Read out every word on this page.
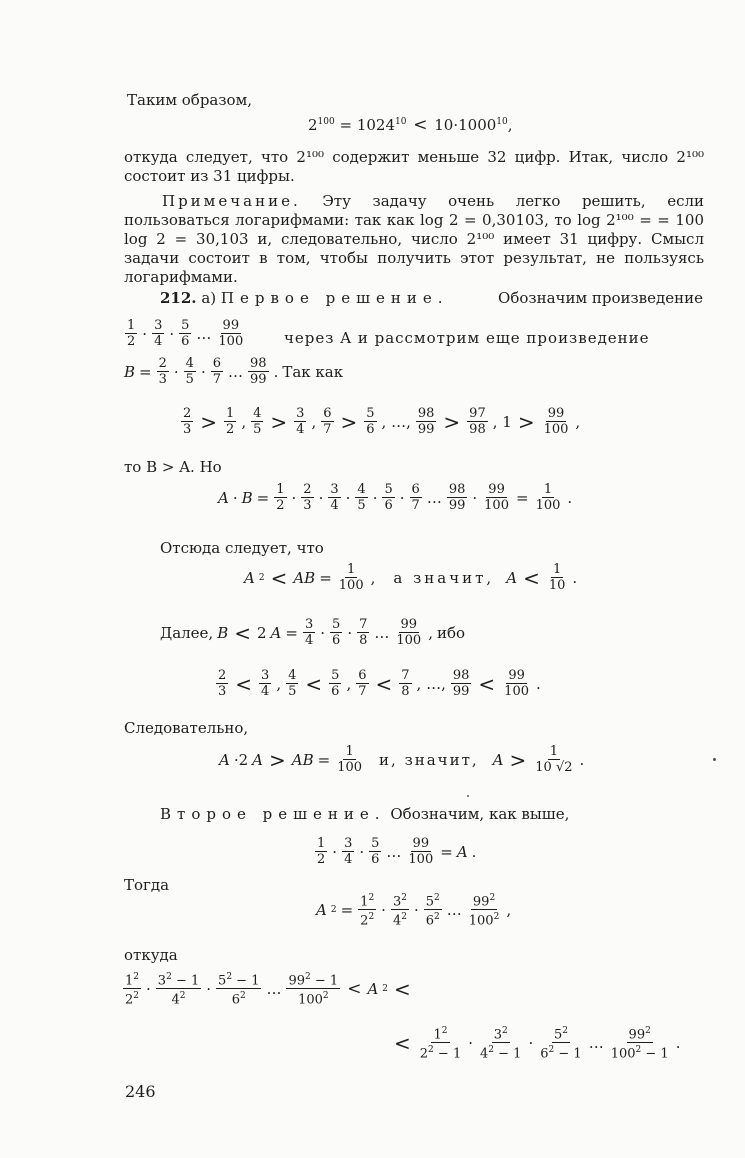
Таким образом,
$2^{100} = 1024^{10} < 10\cdot 1000^{10}$,
откуда следует, что 2¹⁰⁰ содержит меньше 32 цифр. Итак, число 2¹⁰⁰ состоит из 31 цифры.
Примечание. Эту задачу очень легко решить, если пользоваться логарифмами: так как log 2 = 0,30103, то log 2¹⁰⁰ = = 100 log 2 = 30,103 и, следовательно, число 2¹⁰⁰ имеет 31 цифру. Смысл задачи состоит в том, чтобы получить этот результат, не пользуясь логарифмами.
212. а) Первое решение.	Обозначим произведение
$\frac{1}{2} \cdot \frac{3}{4} \cdot \frac{5}{6}$ … $\frac{99}{100}$	через A и рассмотрим еще произведение
$B = \frac{2}{3} \cdot \frac{4}{5} \cdot \frac{6}{7}$ … $\frac{98}{99}$ . Так как
$\frac{2}{3} > \frac{1}{2}$ , $\frac{4}{5} > \frac{3}{4}$ , $\frac{6}{7} > \frac{5}{6}$ , …, $\frac{98}{99} > \frac{97}{98}$ , $1 > \frac{99}{100}$ ,
то B > A. Но
$A \cdot B = \frac{1}{2} \cdot \frac{2}{3} \cdot \frac{3}{4} \cdot \frac{4}{5} \cdot \frac{5}{6} \cdot \frac{6}{7}$ … $\frac{98}{99} \cdot \frac{99}{100} = \frac{1}{100}$ .
Отсюда следует, что
A 2 < AB = $\frac{1}{100}$ , а значит, $A < \frac{1}{10}$ .
Далее, B < 2 $A = \frac{3}{4} \cdot \frac{5}{6} \cdot \frac{7}{8}$ … $\frac{99}{100}$ , ибо
$\frac{2}{3} < \frac{3}{4}$ , $\frac{4}{5} < \frac{5}{6}$ , $\frac{6}{7} < \frac{7}{8}$ , …, $\frac{98}{99} < \frac{99}{100}$ .
Следовательно,
A ·2 A > AB = $\frac{1}{100} и$, значит, $A > \frac{1}{10 √2}$ .
Второе решение. Обозначим, как выше,
$\frac{1}{2} \cdot \frac{3}{4} \cdot \frac{5}{6}$ … $\frac{99}{100} = A$ .
Тогда
A $2 = \frac{1^2}{2^2} \cdot \frac{3^2}{4^2} \cdot \frac{5^2}{6^2}$ … $\frac{99^2}{100^2}$ ,
откуда
$\frac{1^2}{2^2} \cdot \frac{3^2 - 1}{4^2} \cdot \frac{5^2 - 1}{6^2}$ … $\frac{99^2 - 1}{100^2} < A$ 2 <
< $\frac{1^2}{2^2 - 1} \cdot \frac{3^2}{4^2 - 1} \cdot \frac{5^2}{6^2 - 1}$ … $\frac{99^2}{100^2 - 1}$ .
246
